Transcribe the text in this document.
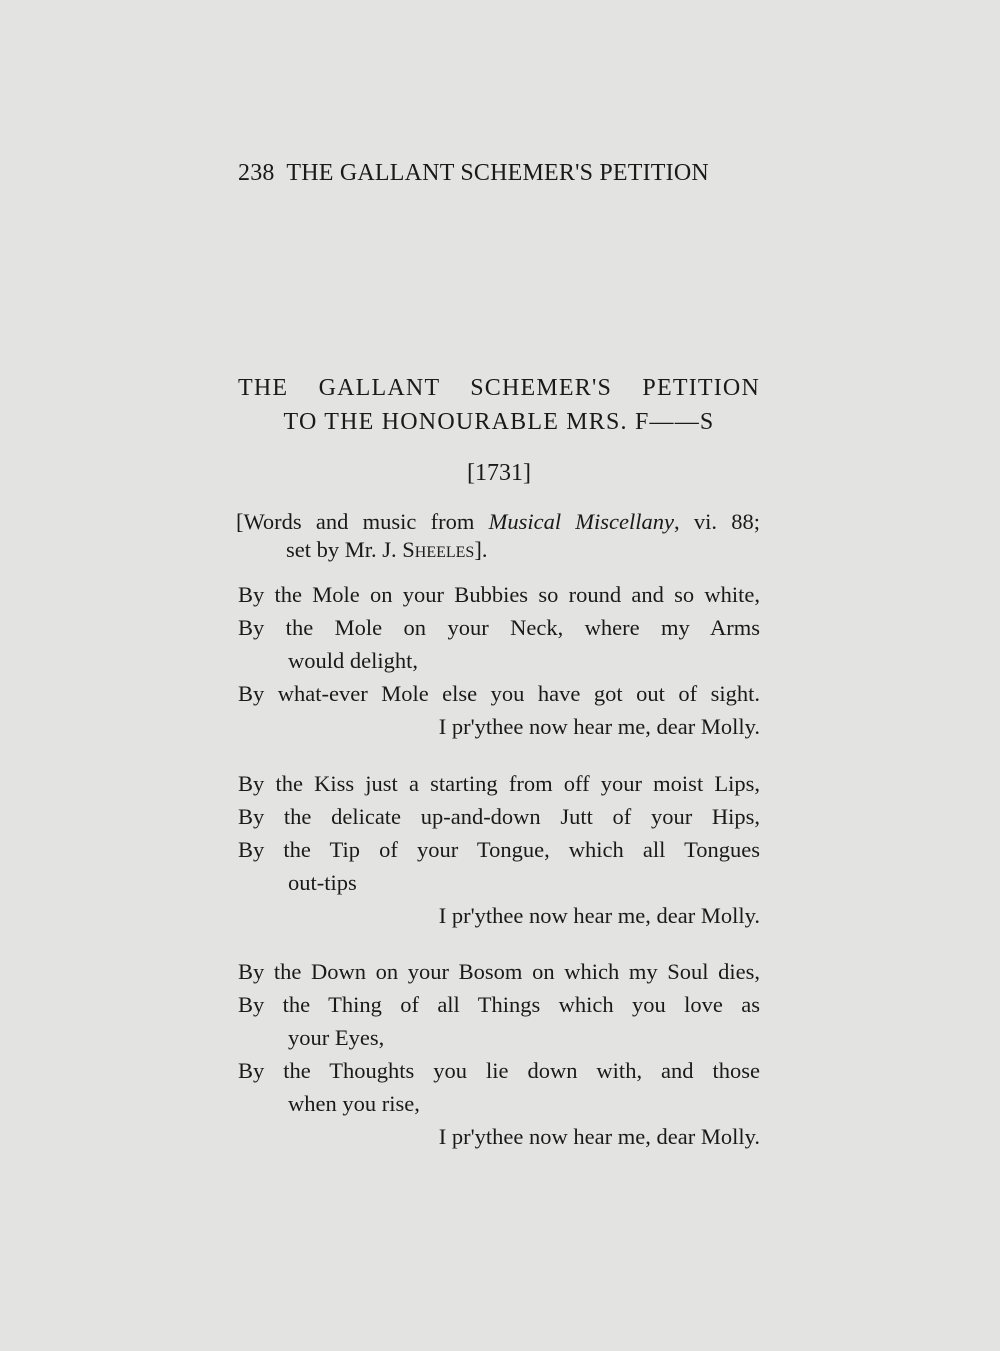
238 THE GALLANT SCHEMER'S PETITION
THE GALLANT SCHEMER'S PETITION
TO THE HONOURABLE MRS. F——S
[1731]
[Words and music from Musical Miscellany, vi. 88;
set by Mr. J. Sheeles].
By the Mole on your Bubbies so round and so white,
By the Mole on your Neck, where my Arms
would delight,
By what-ever Mole else you have got out of sight.
I pr'ythee now hear me, dear Molly.
By the Kiss just a starting from off your moist Lips,
By the delicate up-and-down Jutt of your Hips,
By the Tip of your Tongue, which all Tongues
out-tips
I pr'ythee now hear me, dear Molly.
By the Down on your Bosom on which my Soul dies,
By the Thing of all Things which you love as
your Eyes,
By the Thoughts you lie down with, and those
when you rise,
I pr'ythee now hear me, dear Molly.
